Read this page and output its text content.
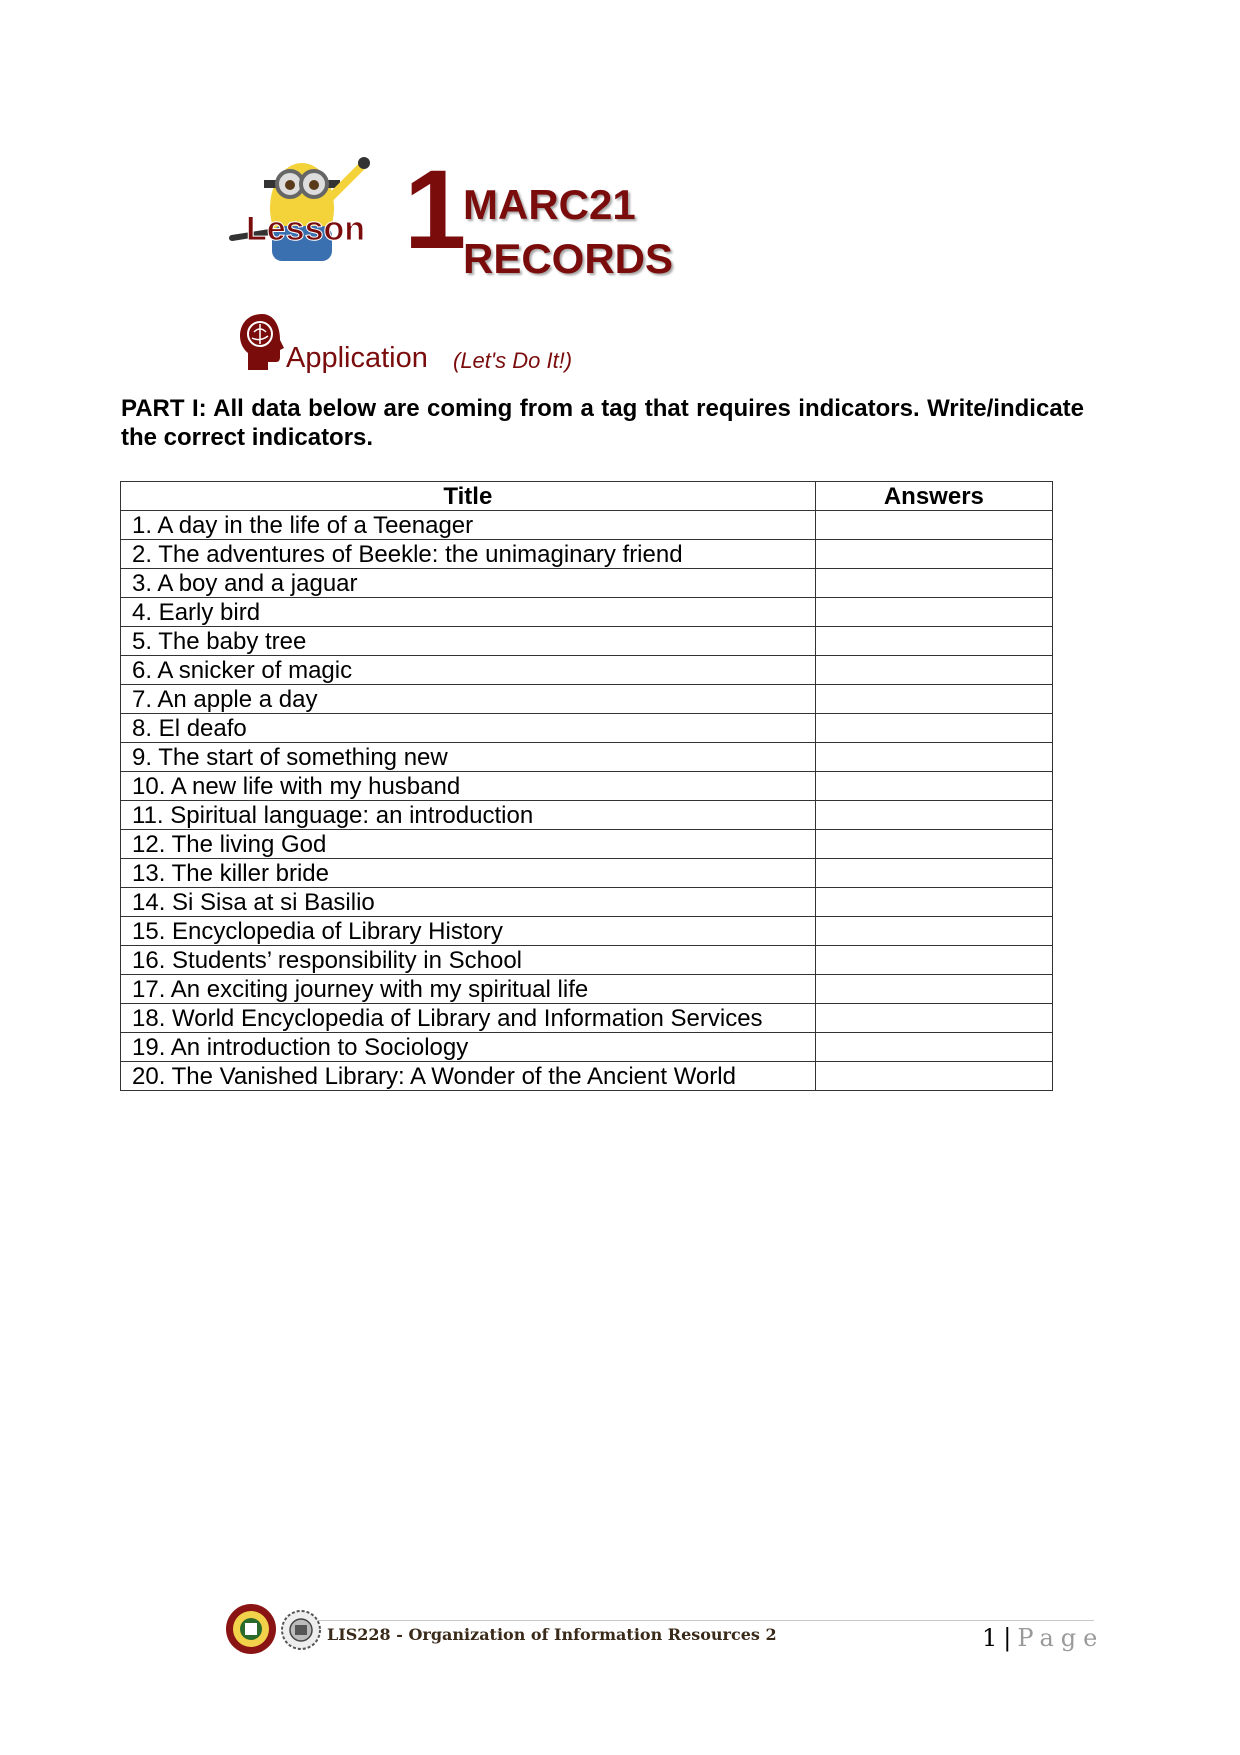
Lesson 1
MARC21
RECORDS
Application (Let's Do It!)
PART I: All data below are coming from a tag that requires indicators. Write/indicate the correct indicators.
Title	Answers
1. A day in the life of a Teenager	
2. The adventures of Beekle: the unimaginary friend	
3. A boy and a jaguar	
4. Early bird	
5. The baby tree	
6. A snicker of magic	
7. An apple a day	
8. El deafo	
9. The start of something new	
10. A new life with my husband	
11. Spiritual language: an introduction	
12. The living God	
13. The killer bride	
14. Si Sisa at si Basilio	
15. Encyclopedia of Library History	
16. Students’ responsibility in School	
17. An exciting journey with my spiritual life	
18. World Encyclopedia of Library and Information Services	
19. An introduction to Sociology	
20. The Vanished Library: A Wonder of the Ancient World	
LIS228 - Organization of Information Resources 2	1 | Page
